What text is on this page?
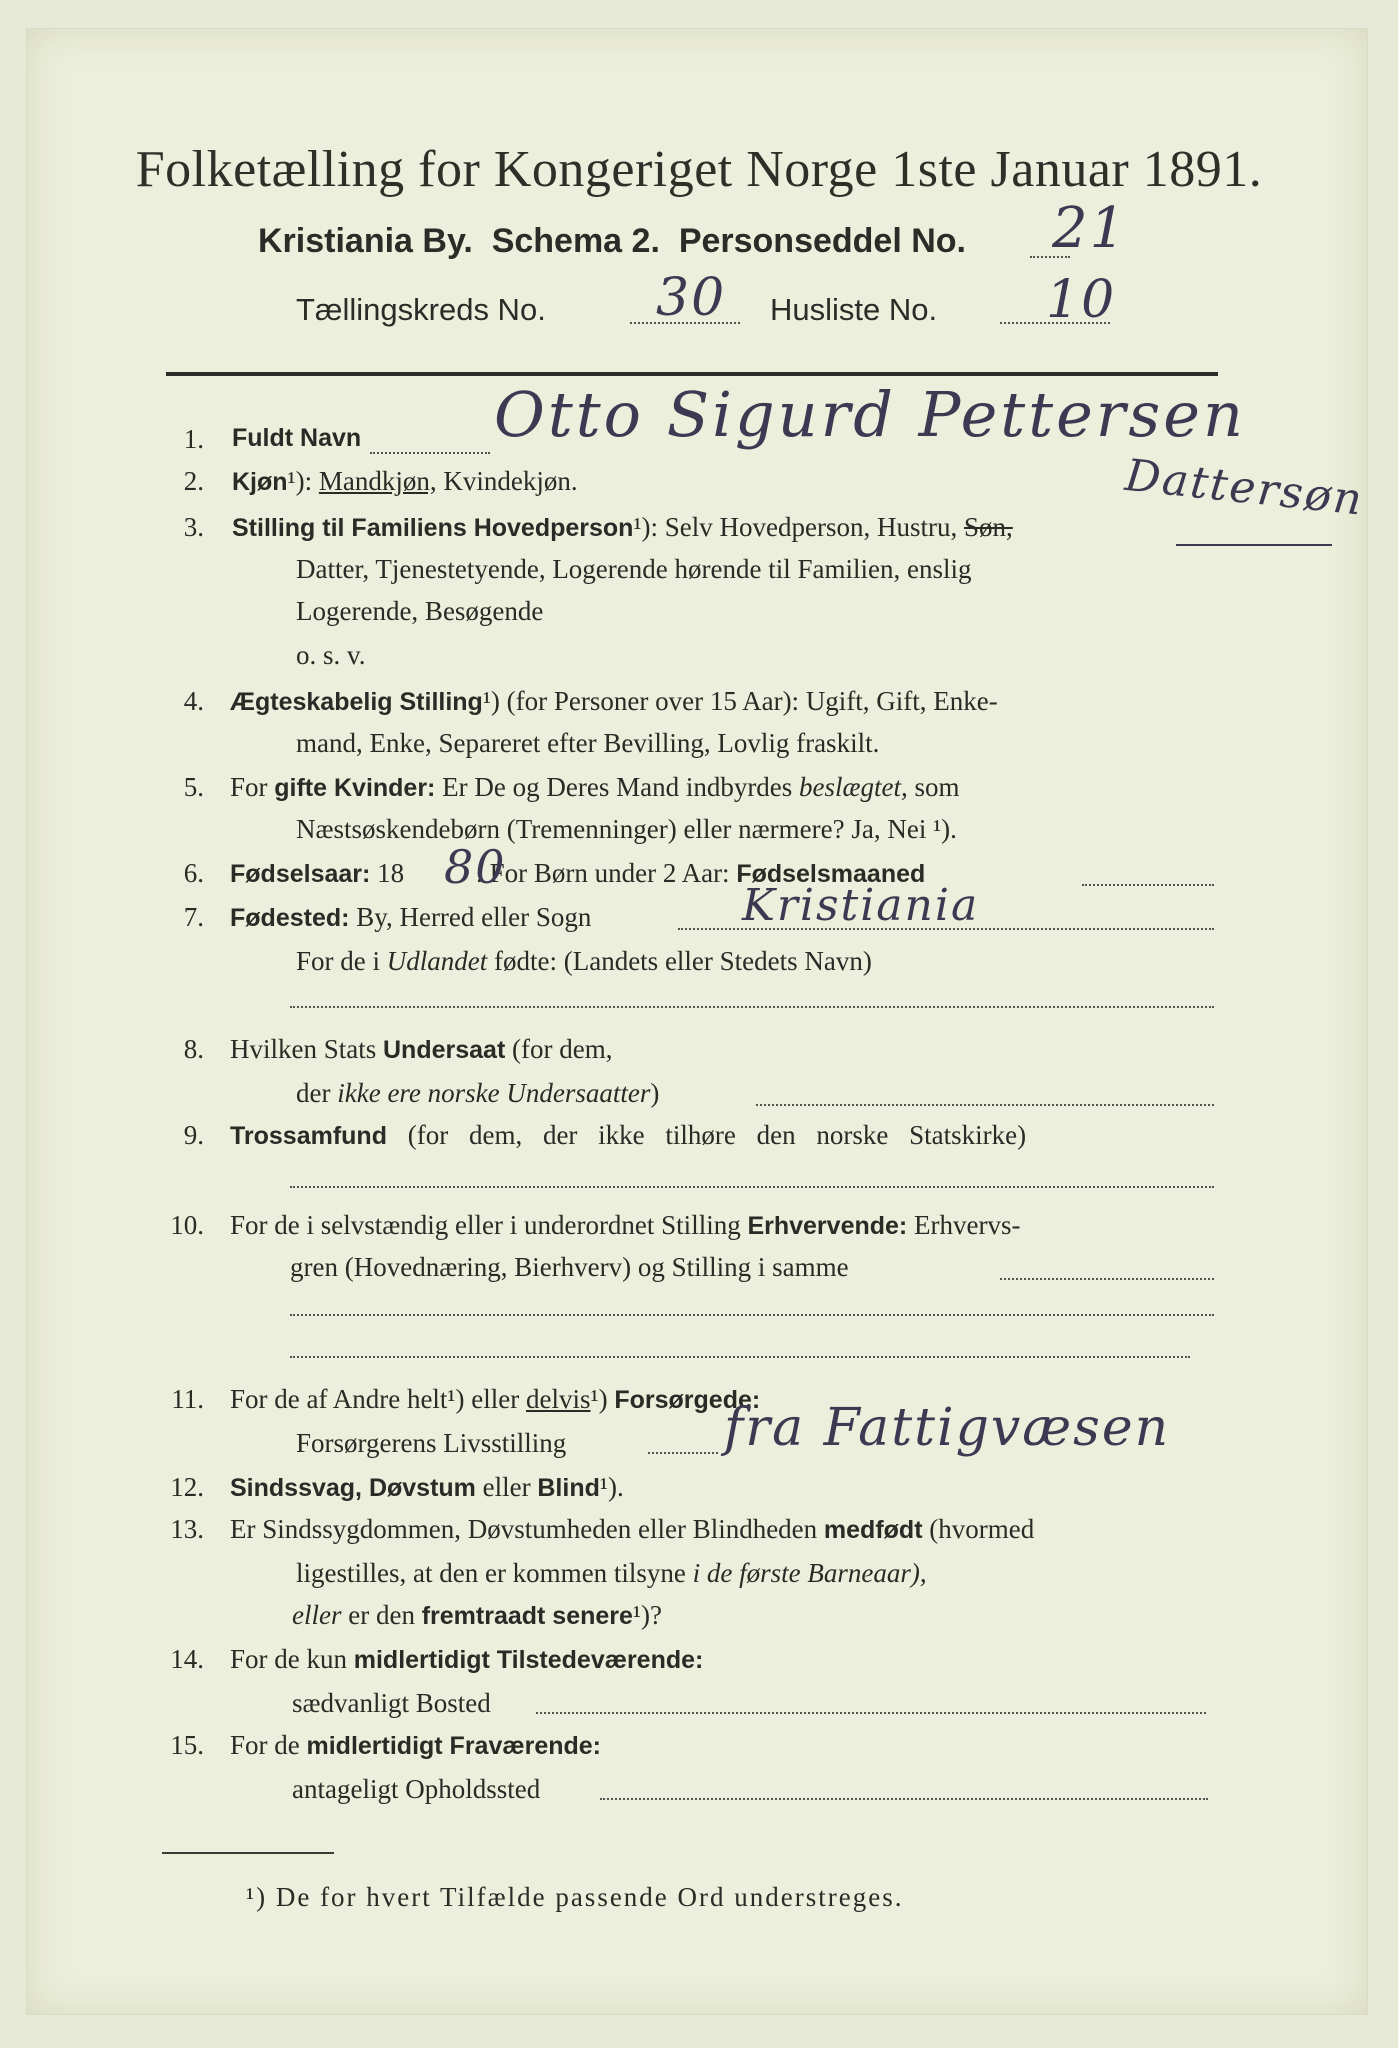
Folketælling for Kongeriget Norge 1ste Januar 1891.
Kristiania By. Schema 2. Personseddel No. 21
Tællingskreds No. 30 Husliste No. 10
1. Fuldt Navn Otto Sigurd Pettersen
2. Kjøn¹): Mandkjøn, Kvindekjøn.	Dattersøn
3. Stilling til Familiens Hovedperson¹): Selv Hovedperson, Hustru, Søn,
Datter, Tjenestetyende, Logerende hørende til Familien, enslig
Logerende, Besøgende
o. s. v.
4. Ægteskabelig Stilling¹) (for Personer over 15 Aar): Ugift, Gift, Enke-
mand, Enke, Separeret efter Bevilling, Lovlig fraskilt.
5. For gifte Kvinder: Er De og Deres Mand indbyrdes beslægtet, som
Næstsøskendebørn (Tremenninger) eller nærmere? Ja, Nei ¹).
6. Fødselsaar: 18	. For Børn under 2 Aar: Fødselsmaaned
80
7. Fødested: By, Herred eller Sogn	Kristiania
For de i Udlandet fødte: (Landets eller Stedets Navn)
8. Hvilken Stats Undersaat (for dem,
der ikke ere norske Undersaatter)
9. Trossamfund (for dem, der ikke tilhøre den norske Statskirke)
10. For de i selvstændig eller i underordnet Stilling Erhvervende: Erhvervs-
gren (Hovednæring, Bierhverv) og Stilling i samme
11. For de af Andre helt¹) eller delvis¹) Forsørgede:
Forsørgerens Livsstilling	fra Fattigvæsen
12. Sindssvag, Døvstum eller Blind¹).
13. Er Sindssygdommen, Døvstumheden eller Blindheden medfødt (hvormed
ligestilles, at den er kommen tilsyne i de første Barneaar),
eller er den fremtraadt senere¹)?
14. For de kun midlertidigt Tilstedeværende:
sædvanligt Bosted
15. For de midlertidigt Fraværende:
antageligt Opholdssted
¹) De for hvert Tilfælde passende Ord understreges.
